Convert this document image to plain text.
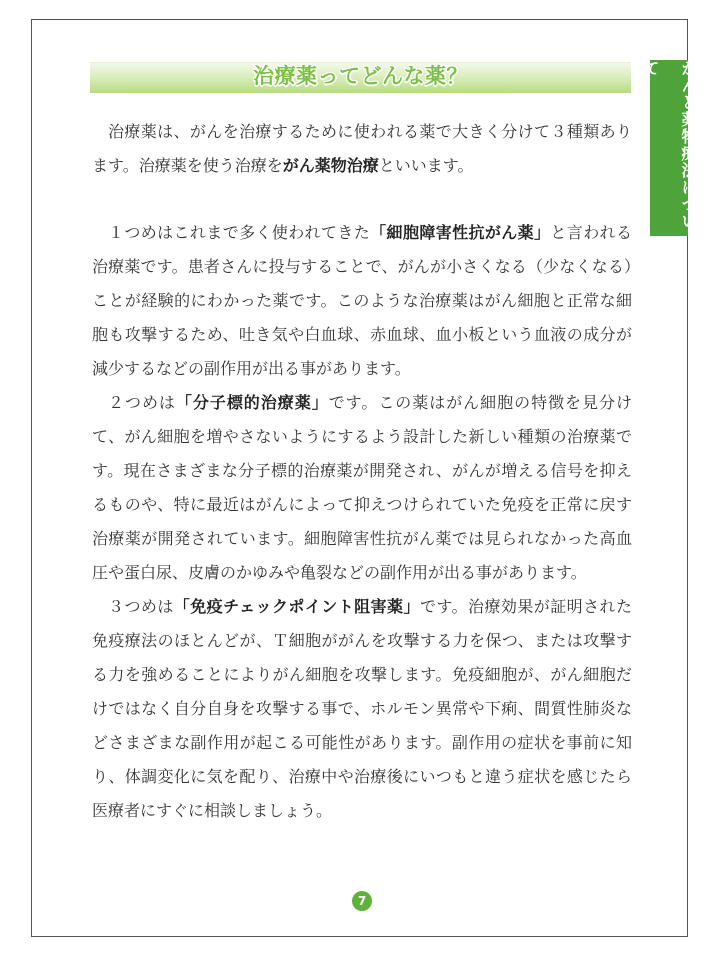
治療薬ってどんな薬？	がんと薬物療法について

治療薬は、がんを治療するために使われる薬で大きく分けて３種類あります。治療薬を使う治療をがん薬物治療といいます。

１つめはこれまで多く使われてきた「細胞障害性抗がん薬」と言われる治療薬です。患者さんに投与することで、がんが小さくなる（少なくなる）ことが経験的にわかった薬です。このような治療薬はがん細胞と正常な細胞も攻撃するため、吐き気や白血球、赤血球、血小板という血液の成分が減少するなどの副作用が出る事があります。

２つめは「分子標的治療薬」です。この薬はがん細胞の特徴を見分けて、がん細胞を増やさないようにするよう設計した新しい種類の治療薬です。現在さまざまな分子標的治療薬が開発され、がんが増える信号を抑えるものや、特に最近はがんによって抑えつけられていた免疫を正常に戻す治療薬が開発されています。細胞障害性抗がん薬では見られなかった高血圧や蛋白尿、皮膚のかゆみや亀裂などの副作用が出る事があります。

３つめは「免疫チェックポイント阻害薬」です。治療効果が証明された免疫療法のほとんどが、Ｔ細胞ががんを攻撃する力を保つ、または攻撃する力を強めることによりがん細胞を攻撃します。免疫細胞が、がん細胞だけではなく自分自身を攻撃する事で、ホルモン異常や下痢、間質性肺炎などさまざまな副作用が起こる可能性があります。副作用の症状を事前に知り、体調変化に気を配り、治療中や治療後にいつもと違う症状を感じたら医療者にすぐに相談しましょう。

7
